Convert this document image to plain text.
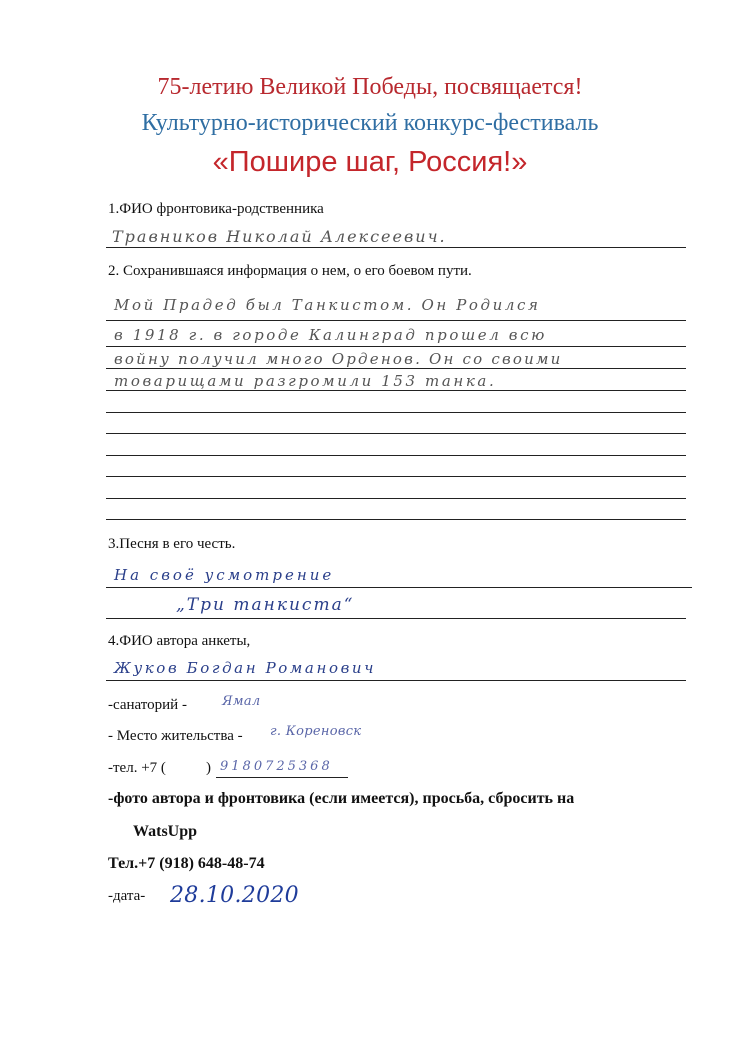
75-летию Великой Победы, посвящается!
Культурно-исторический конкурс-фестиваль
«Пошире шаг, Россия!»
1.ФИО фронтовика-родственника
Травников Николай Алексеевич.
2. Сохранившаяся информация о нем, о его боевом пути.
Мой Прадед был Танкистом. Он Родился
в 1918 г. в городе Калинград прошел всю
войну получил много Орденов. Он со своими
товарищами разгромили 153 танка.
3.Песня в его честь.
На своё усмотрение
„Три танкиста“
4.ФИО автора анкеты,
Жуков Богдан Романович
-санаторий -	Ямал
- Место жительства - г. Кореновск
-тел. +7 (	) 9180725368
-фото автора и фронтовика (если имеется), просьба, сбросить на
WatsUpp
Тел.+7 (918) 648-48-74
-дата- 28.10.2020
